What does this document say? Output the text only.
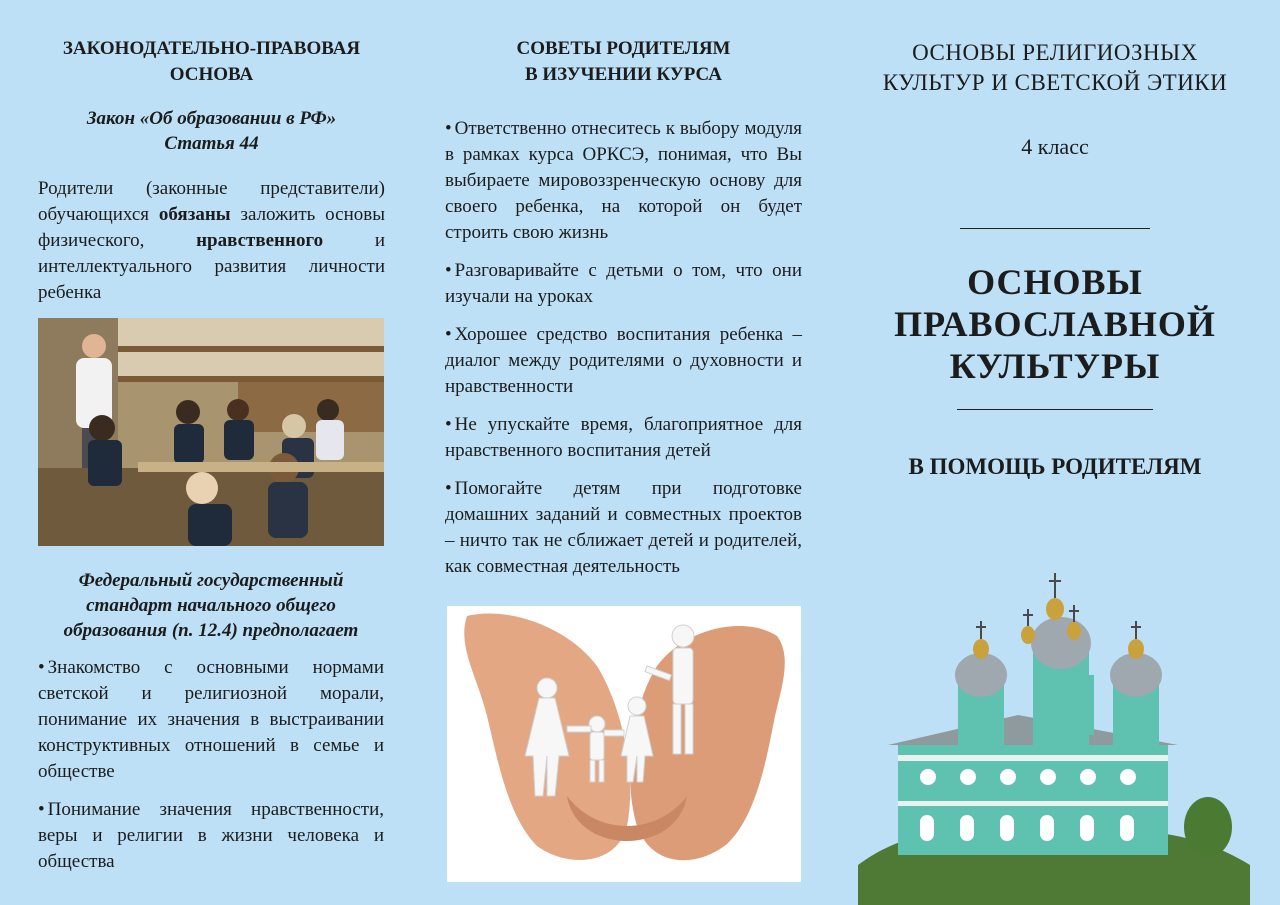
ЗАКОНОДАТЕЛЬНО-ПРАВОВАЯ ОСНОВА

Закон «Об образовании в РФ»

Статья 44

Родители (законные представители) обучающихся обязаны заложить основы физического, нравственного и интеллектуального развития личности ребенка

Федеральный государственный стандарт начального общего образования (п. 12.4) предполагает

• Знакомство с основными нормами светской и религиозной морали, понимание их значения в выстраивании конструктивных отношений в семье и обществе

• Понимание значения нравственности, веры и религии в жизни человека и общества

СОВЕТЫ РОДИТЕЛЯМ

В ИЗУЧЕНИИ КУРСА

• Ответственно отнеситесь к выбору модуля в рамках курса ОРКСЭ, понимая, что Вы выбираете мировоззренческую основу для своего ребенка, на которой он будет строить свою жизнь

• Разговаривайте с детьми о том, что они изучали на уроках

• Хорошее средство воспитания ребенка – диалог между родителями о духовности и нравственности

• Не упускайте время, благоприятное для нравственного воспитания детей

• Помогайте детям при подготовке домашних заданий и совместных проектов – ничто так не сближает детей и родителей, как совместная деятельность

ОСНОВЫ РЕЛИГИОЗНЫХ

КУЛЬТУР И СВЕТСКОЙ ЭТИКИ

4 класс

ОСНОВЫ

ПРАВОСЛАВНОЙ

КУЛЬТУРЫ

В ПОМОЩЬ РОДИТЕЛЯМ
